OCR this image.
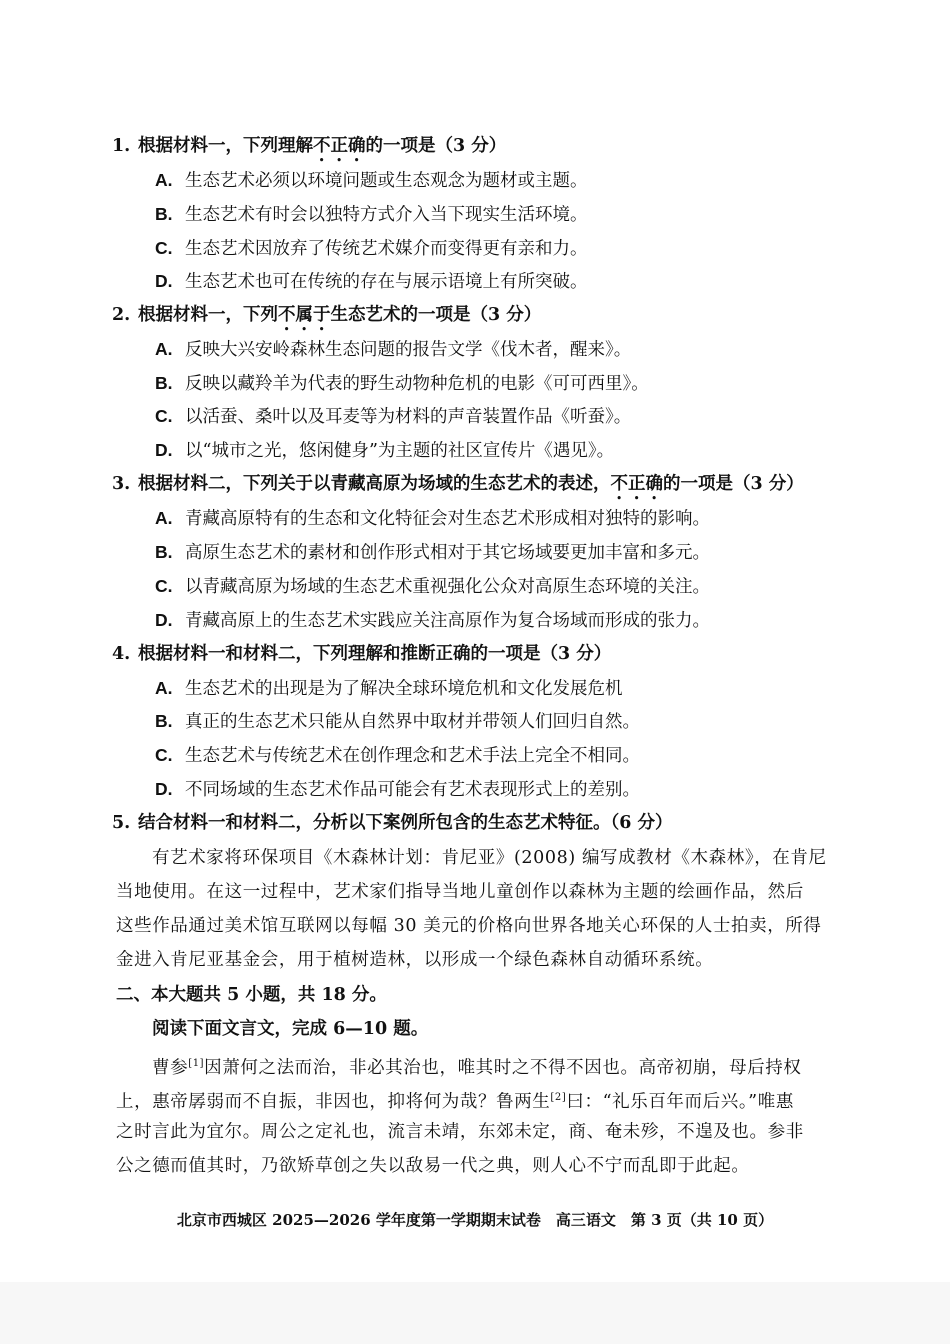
1. 根据材料一，下列理解不正确的一项是（3 分）
A. 生态艺术必须以环境问题或生态观念为题材或主题。
B. 生态艺术有时会以独特方式介入当下现实生活环境。
C. 生态艺术因放弃了传统艺术媒介而变得更有亲和力。
D. 生态艺术也可在传统的存在与展示语境上有所突破。
2. 根据材料一，下列不属于生态艺术的一项是（3 分）
A. 反映大兴安岭森林生态问题的报告文学《伐木者，醒来》。
B. 反映以藏羚羊为代表的野生动物种危机的电影《可可西里》。
C. 以活蚕、桑叶以及耳麦等为材料的声音装置作品《听蚕》。
D. 以“城市之光，悠闲健身”为主题的社区宣传片《遇见》。
3. 根据材料二，下列关于以青藏高原为场域的生态艺术的表述，不正确的一项是（3 分）
A. 青藏高原特有的生态和文化特征会对生态艺术形成相对独特的影响。
B. 高原生态艺术的素材和创作形式相对于其它场域要更加丰富和多元。
C. 以青藏高原为场域的生态艺术重视强化公众对高原生态环境的关注。
D. 青藏高原上的生态艺术实践应关注高原作为复合场域而形成的张力。
4. 根据材料一和材料二，下列理解和推断正确的一项是（3 分）
A. 生态艺术的出现是为了解决全球环境危机和文化发展危机
B. 真正的生态艺术只能从自然界中取材并带领人们回归自然。
C. 生态艺术与传统艺术在创作理念和艺术手法上完全不相同。
D. 不同场域的生态艺术作品可能会有艺术表现形式上的差别。
5. 结合材料一和材料二，分析以下案例所包含的生态艺术特征。（6 分）
有艺术家将环保项目《木森林计划：肯尼亚》(2008) 编写成教材《木森林》，在肯尼
当地使用。在这一过程中，艺术家们指导当地儿童创作以森林为主题的绘画作品，然后
这些作品通过美术馆互联网以每幅 30 美元的价格向世界各地关心环保的人士拍卖，所得
金进入肯尼亚基金会，用于植树造林，以形成一个绿色森林自动循环系统。
二、本大题共 5 小题，共 18 分。
阅读下面文言文，完成 6—10 题。
曹参[1]因萧何之法而治，非必其治也，唯其时之不得不因也。高帝初崩，母后持权
上，惠帝孱弱而不自振，非因也，抑将何为哉？鲁两生[2]曰：“礼乐百年而后兴。”唯惠
之时言此为宜尔。周公之定礼也，流言未靖，东郊未定，商、奄未殄，不遑及也。参非
公之德而值其时，乃欲矫草创之失以敌易一代之典，则人心不宁而乱即于此起。
北京市西城区 2025—2026 学年度第一学期期末试卷　高三语文　第 3 页（共 10 页）
